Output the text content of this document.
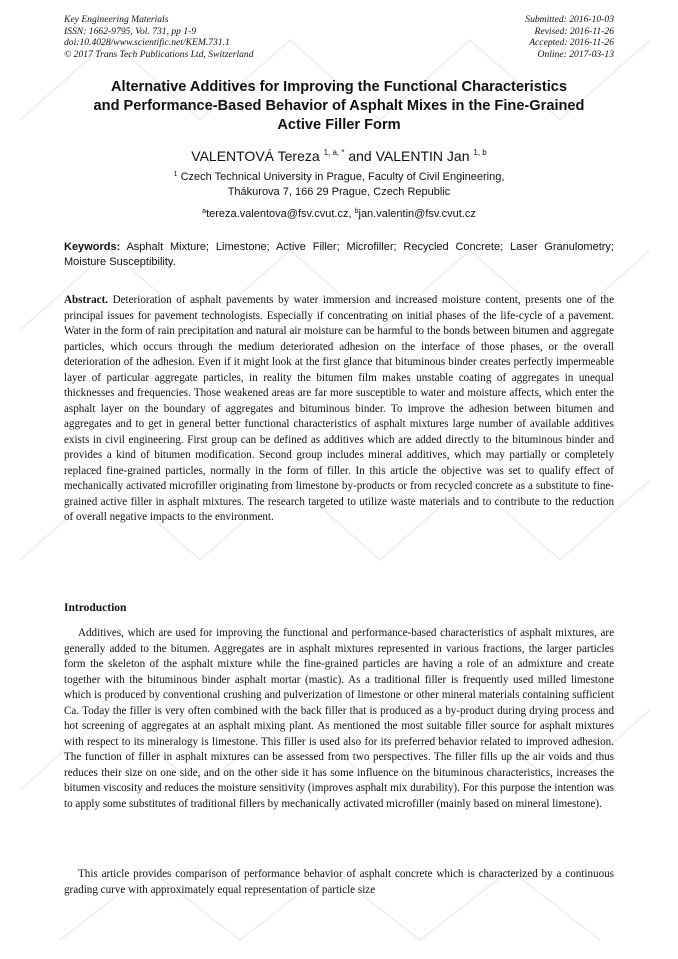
Key Engineering Materials
ISSN: 1662-9795, Vol. 731, pp 1-9
doi:10.4028/www.scientific.net/KEM.731.1
© 2017 Trans Tech Publications Ltd, Switzerland
Submitted: 2016-10-03
Revised: 2016-11-26
Accepted: 2016-11-26
Online: 2017-03-13
Alternative Additives for Improving the Functional Characteristics
and Performance-Based Behavior of Asphalt Mixes in the Fine-Grained
Active Filler Form
VALENTOVÁ Tereza $^{1, a, *}$ and VALENTIN Jan $^{1, b}$
$^1$ Czech Technical University in Prague, Faculty of Civil Engineering,
Thákurova 7, 166 29 Prague, Czech Republic
$^a$tereza.valentova@fsv.cvut.cz, $^b$jan.valentin@fsv.cvut.cz
Keywords: Asphalt Mixture; Limestone; Active Filler; Microfiller; Recycled Concrete; Laser Granulometry; Moisture Susceptibility.
Abstract. Deterioration of asphalt pavements by water immersion and increased moisture content, presents one of the principal issues for pavement technologists. Especially if concentrating on initial phases of the life-cycle of a pavement. Water in the form of rain precipitation and natural air moisture can be harmful to the bonds between bitumen and aggregate particles, which occurs through the medium deteriorated adhesion on the interface of those phases, or the overall deterioration of the adhesion. Even if it might look at the first glance that bituminous binder creates perfectly impermeable layer of particular aggregate particles, in reality the bitumen film makes unstable coating of aggregates in unequal thicknesses and frequencies. Those weakened areas are far more susceptible to water and moisture affects, which enter the asphalt layer on the boundary of aggregates and bituminous binder. To improve the adhesion between bitumen and aggregates and to get in general better functional characteristics of asphalt mixtures large number of available additives exists in civil engineering. First group can be defined as additives which are added directly to the bituminous binder and provides a kind of bitumen modification. Second group includes mineral additives, which may partially or completely replaced fine-grained particles, normally in the form of filler. In this article the objective was set to qualify effect of mechanically activated microfiller originating from limestone by-products or from recycled concrete as a substitute to fine-grained active filler in asphalt mixtures. The research targeted to utilize waste materials and to contribute to the reduction of overall negative impacts to the environment.
Introduction
Additives, which are used for improving the functional and performance-based characteristics of asphalt mixtures, are generally added to the bitumen. Aggregates are in asphalt mixtures represented in various fractions, the larger particles form the skeleton of the asphalt mixture while the fine-grained particles are having a role of an admixture and create together with the bituminous binder asphalt mortar (mastic). As a traditional filler is frequently used milled limestone which is produced by conventional crushing and pulverization of limestone or other mineral materials containing sufficient Ca. Today the filler is very often combined with the back filler that is produced as a by-product during drying process and hot screening of aggregates at an asphalt mixing plant. As mentioned the most suitable filler source for asphalt mixtures with respect to its mineralogy is limestone. This filler is used also for its preferred behavior related to improved adhesion. The function of filler in asphalt mixtures can be assessed from two perspectives. The filler fills up the air voids and thus reduces their size on one side, and on the other side it has some influence on the bituminous characteristics, increases the bitumen viscosity and reduces the moisture sensitivity (improves asphalt mix durability). For this purpose the intention was to apply some substitutes of traditional fillers by mechanically activated microfiller (mainly based on mineral limestone).
This article provides comparison of performance behavior of asphalt concrete which is characterized by a continuous grading curve with approximately equal representation of particle size
